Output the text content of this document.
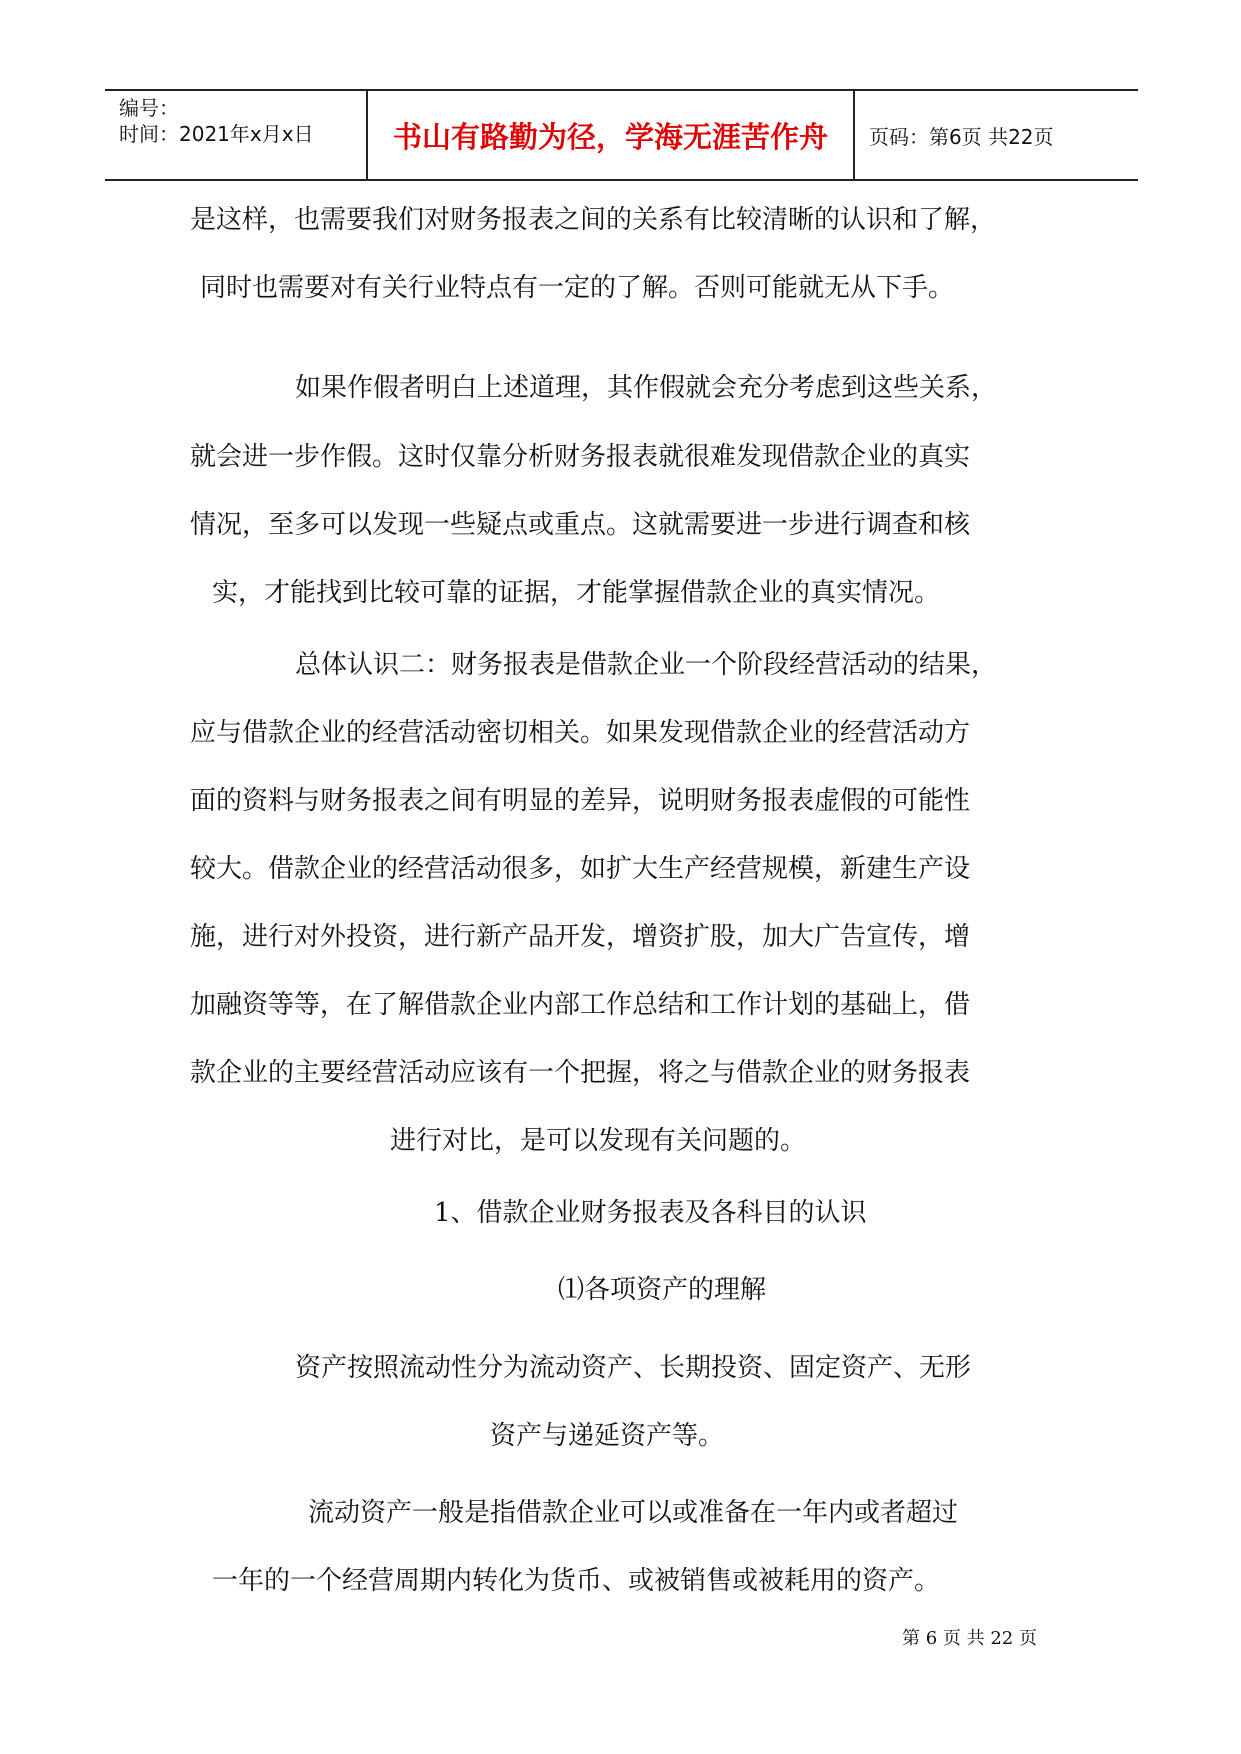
编号：
时间：2021年x月x日	书山有路勤为径，学海无涯苦作舟	页码：第6页 共22页
是这样，也需要我们对财务报表之间的关系有比较清晰的认识和了解，
同时也需要对有关行业特点有一定的了解。否则可能就无从下手。
如果作假者明白上述道理，其作假就会充分考虑到这些关系，
就会进一步作假。这时仅靠分析财务报表就很难发现借款企业的真实
情况，至多可以发现一些疑点或重点。这就需要进一步进行调查和核
实，才能找到比较可靠的证据，才能掌握借款企业的真实情况。
总体认识二：财务报表是借款企业一个阶段经营活动的结果，
应与借款企业的经营活动密切相关。如果发现借款企业的经营活动方
面的资料与财务报表之间有明显的差异，说明财务报表虚假的可能性
较大。借款企业的经营活动很多，如扩大生产经营规模，新建生产设
施，进行对外投资，进行新产品开发，增资扩股，加大广告宣传，增
加融资等等，在了解借款企业内部工作总结和工作计划的基础上，借
款企业的主要经营活动应该有一个把握，将之与借款企业的财务报表
进行对比，是可以发现有关问题的。
1、借款企业财务报表及各科目的认识
⑴各项资产的理解
资产按照流动性分为流动资产、长期投资、固定资产、无形
资产与递延资产等。
流动资产一般是指借款企业可以或准备在一年内或者超过
一年的一个经营周期内转化为货币、或被销售或被耗用的资产。
第 6 页 共 22 页
